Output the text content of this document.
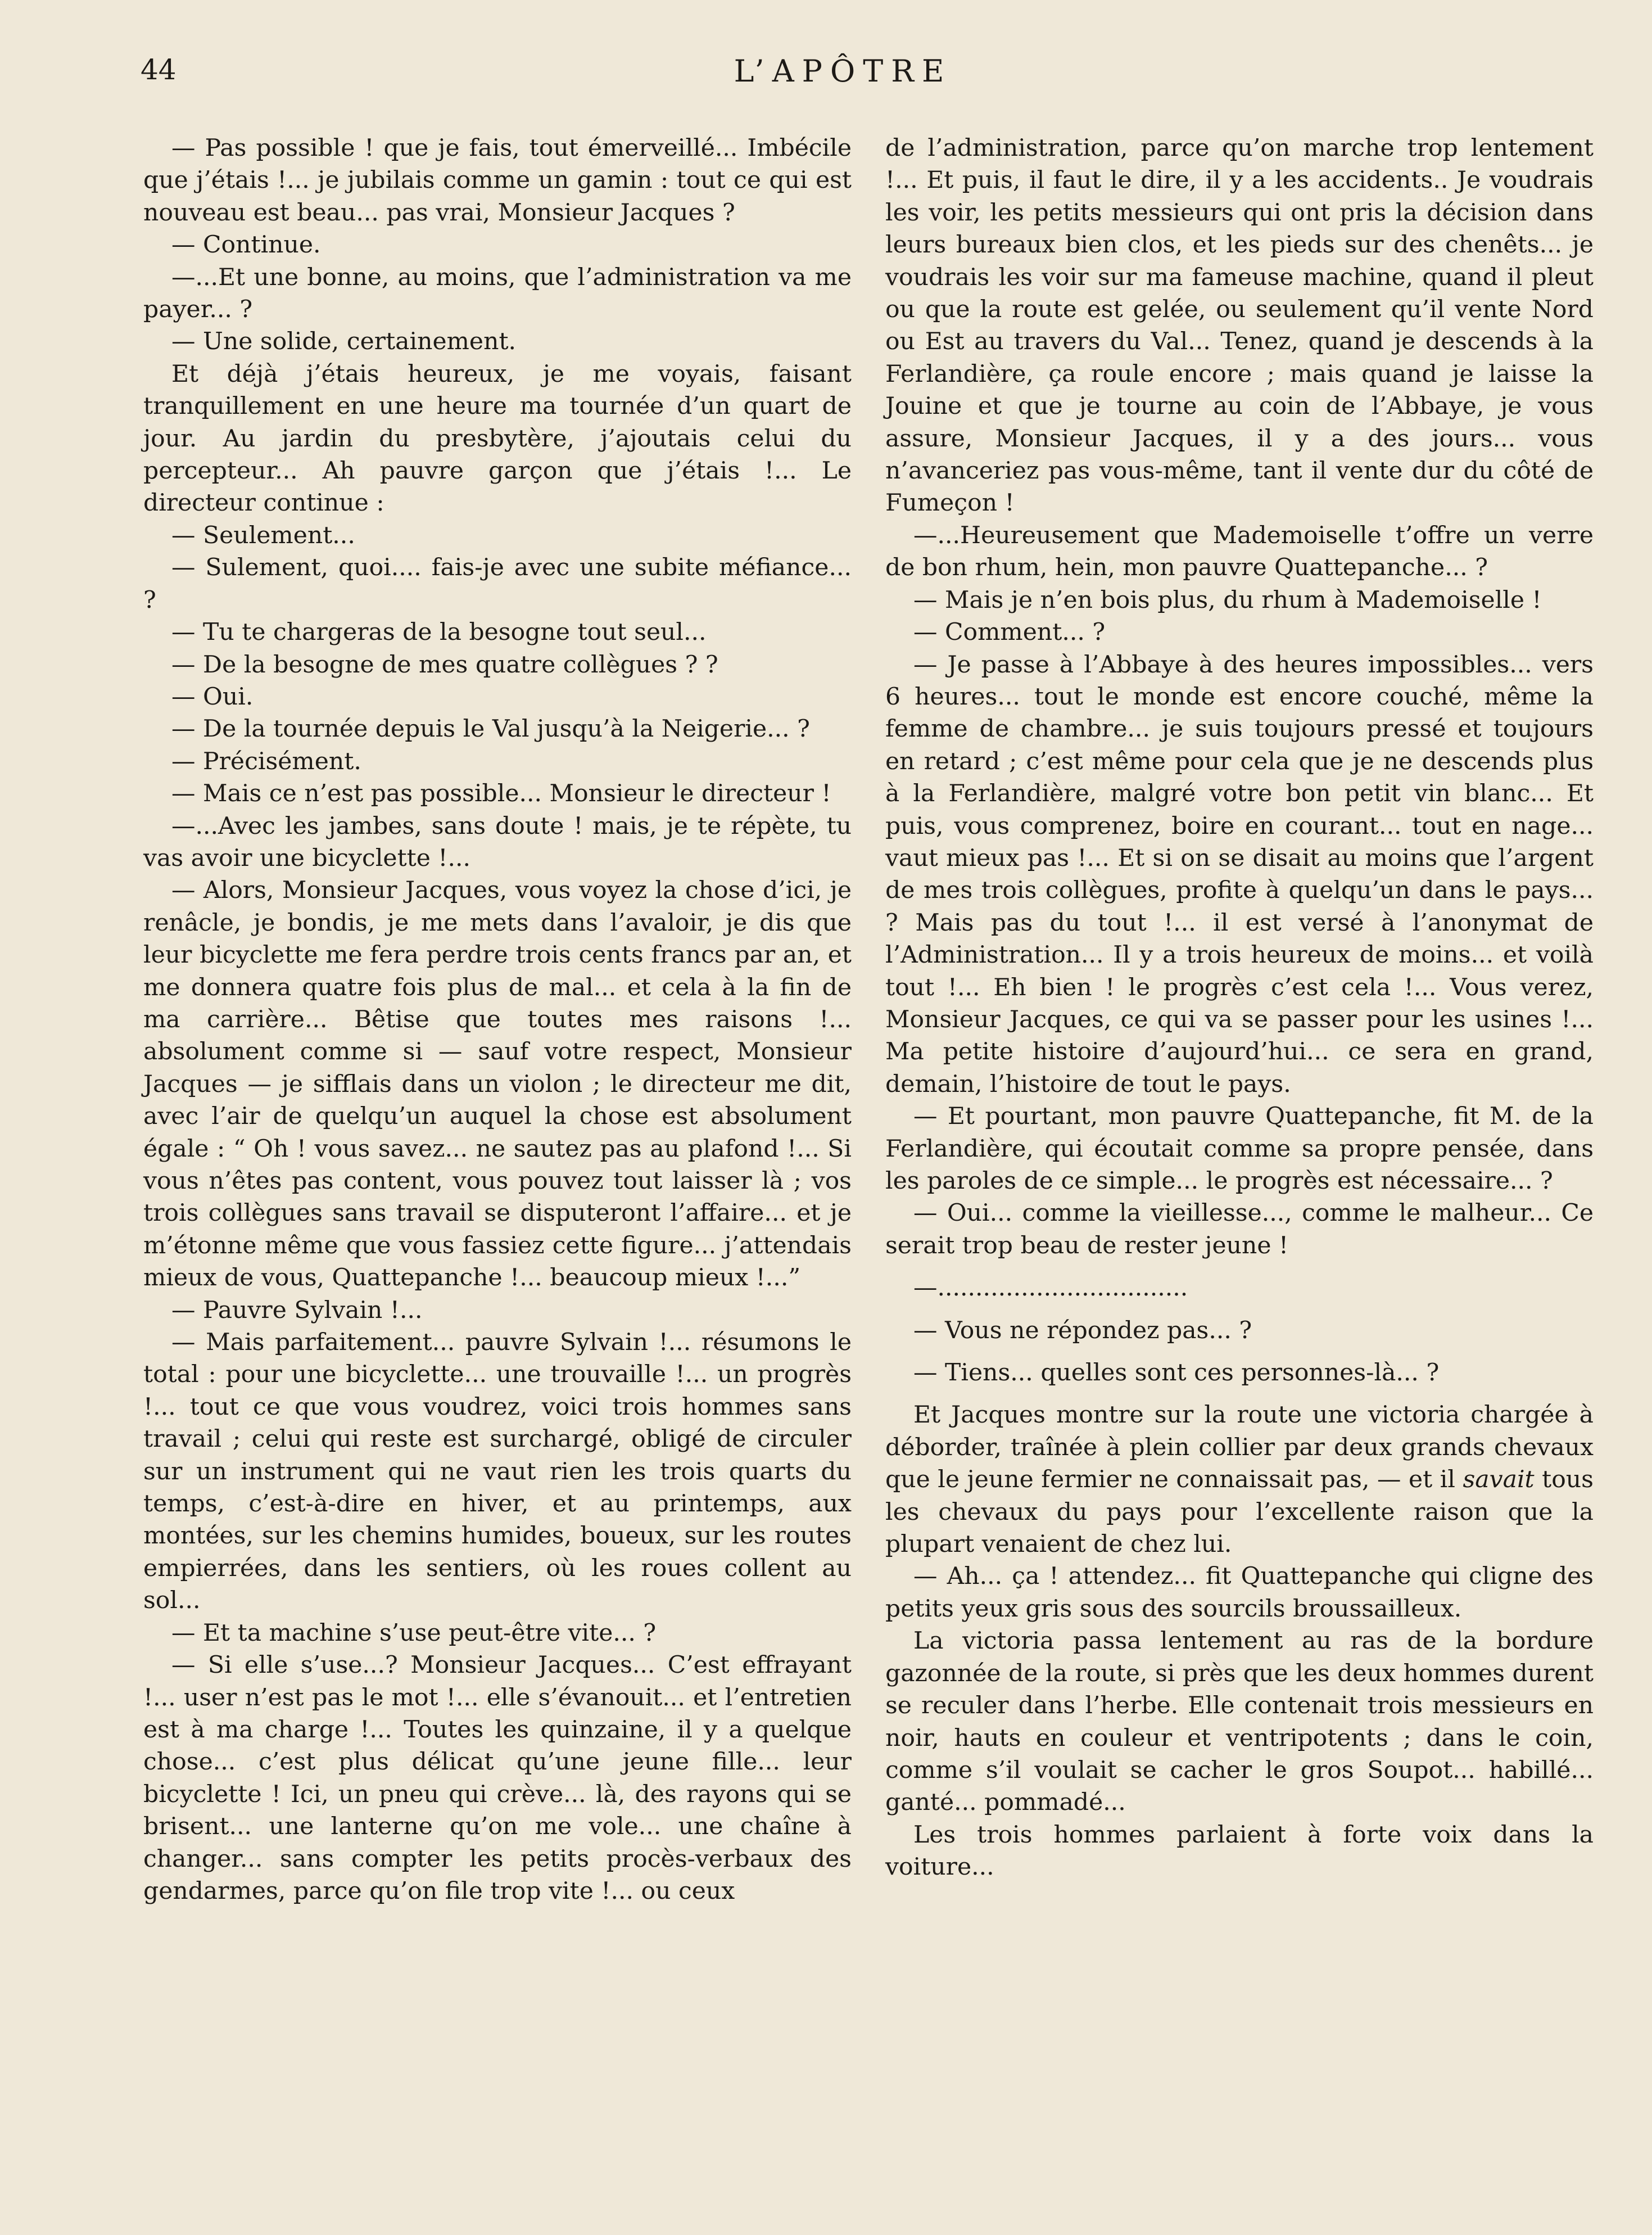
44	L’APÔTRE

— Pas possible ! que je fais, tout émerveillé... Imbécile que j’étais !... je jubilais comme un gamin : tout ce qui est nouveau est beau... pas vrai, Monsieur Jacques ?

— Continue.

—...Et une bonne, au moins, que l’administration va me payer... ?

— Une solide, certainement.

Et déjà j’étais heureux, je me voyais, faisant tranquillement en une heure ma tournée d’un quart de jour. Au jardin du presbytère, j’ajoutais celui du percepteur... Ah pauvre garçon que j’étais !... Le directeur continue :

— Seulement...

— Sulement, quoi.... fais-je avec une subite méfiance... ?

— Tu te chargeras de la besogne tout seul...

— De la besogne de mes quatre collègues ? ?

— Oui.

— De la tournée depuis le Val jusqu’à la Neigerie... ?

— Précisément.

— Mais ce n’est pas possible... Monsieur le directeur !

—...Avec les jambes, sans doute ! mais, je te répète, tu vas avoir une bicyclette !...

— Alors, Monsieur Jacques, vous voyez la chose d’ici, je renâcle, je bondis, je me mets dans l’avaloir, je dis que leur bicyclette me fera perdre trois cents francs par an, et me donnera quatre fois plus de mal... et cela à la fin de ma carrière... Bêtise que toutes mes raisons !... absolument comme si — sauf votre respect, Monsieur Jacques — je sifflais dans un violon ; le directeur me dit, avec l’air de quelqu’un auquel la chose est absolument égale : “ Oh ! vous savez... ne sautez pas au plafond !... Si vous n’êtes pas content, vous pouvez tout laisser là ; vos trois collègues sans travail se disputeront l’affaire... et je m’étonne même que vous fassiez cette figure... j’attendais mieux de vous, Quattepanche !... beaucoup mieux !...”

— Pauvre Sylvain !...

— Mais parfaitement... pauvre Sylvain !... résumons le total : pour une bicyclette... une trouvaille !... un progrès !... tout ce que vous voudrez, voici trois hommes sans travail ; celui qui reste est surchargé, obligé de circuler sur un instrument qui ne vaut rien les trois quarts du temps, c’est-à-dire en hiver, et au printemps, aux montées, sur les chemins humides, boueux, sur les routes empierrées, dans les sentiers, où les roues collent au sol...

— Et ta machine s’use peut-être vite... ?

— Si elle s’use...? Monsieur Jacques... C’est effrayant !... user n’est pas le mot !... elle s’évanouit... et l’entretien est à ma charge !... Toutes les quinzaine, il y a quelque chose... c’est plus délicat qu’une jeune fille... leur bicyclette ! Ici, un pneu qui crève... là, des rayons qui se brisent... une lanterne qu’on me vole... une chaîne à changer... sans compter les petits procès-verbaux des gendarmes, parce qu’on file trop vite !... ou ceux

de l’administration, parce qu’on marche trop lentement !... Et puis, il faut le dire, il y a les accidents.. Je voudrais les voir, les petits messieurs qui ont pris la décision dans leurs bureaux bien clos, et les pieds sur des chenêts... je voudrais les voir sur ma fameuse machine, quand il pleut ou que la route est gelée, ou seulement qu’il vente Nord ou Est au travers du Val... Tenez, quand je descends à la Ferlandière, ça roule encore ; mais quand je laisse la Jouine et que je tourne au coin de l’Abbaye, je vous assure, Monsieur Jacques, il y a des jours... vous n’avanceriez pas vous-même, tant il vente dur du côté de Fumeçon !

—...Heureusement que Mademoiselle t’offre un verre de bon rhum, hein, mon pauvre Quattepanche... ?

— Mais je n’en bois plus, du rhum à Mademoiselle !

— Comment... ?

— Je passe à l’Abbaye à des heures impossibles... vers 6 heures... tout le monde est encore couché, même la femme de chambre... je suis toujours pressé et toujours en retard ; c’est même pour cela que je ne descends plus à la Ferlandière, malgré votre bon petit vin blanc... Et puis, vous comprenez, boire en courant... tout en nage... vaut mieux pas !... Et si on se disait au moins que l’argent de mes trois collègues, profite à quelqu’un dans le pays... ? Mais pas du tout !... il est versé à l’anonymat de l’Administration... Il y a trois heureux de moins... et voilà tout !... Eh bien ! le progrès c’est cela !... Vous verez, Monsieur Jacques, ce qui va se passer pour les usines !... Ma petite histoire d’aujourd’hui... ce sera en grand, demain, l’histoire de tout le pays.

— Et pourtant, mon pauvre Quattepanche, fit M. de la Ferlandière, qui écoutait comme sa propre pensée, dans les paroles de ce simple... le progrès est nécessaire... ?

— Oui... comme la vieillesse..., comme le malheur... Ce serait trop beau de rester jeune !

—.................................

— Vous ne répondez pas... ?

— Tiens... quelles sont ces personnes-là... ?

Et Jacques montre sur la route une victoria chargée à déborder, traînée à plein collier par deux grands chevaux que le jeune fermier ne connaissait pas, — et il savait tous les chevaux du pays pour l’excellente raison que la plupart venaient de chez lui.

— Ah... ça ! attendez... fit Quattepanche qui cligne des petits yeux gris sous des sourcils broussailleux.

La victoria passa lentement au ras de la bordure gazonnée de la route, si près que les deux hommes durent se reculer dans l’herbe. Elle contenait trois messieurs en noir, hauts en couleur et ventripotents ; dans le coin, comme s’il voulait se cacher le gros Soupot... habillé... ganté... pommadé...

Les trois hommes parlaient à forte voix dans la voiture...
